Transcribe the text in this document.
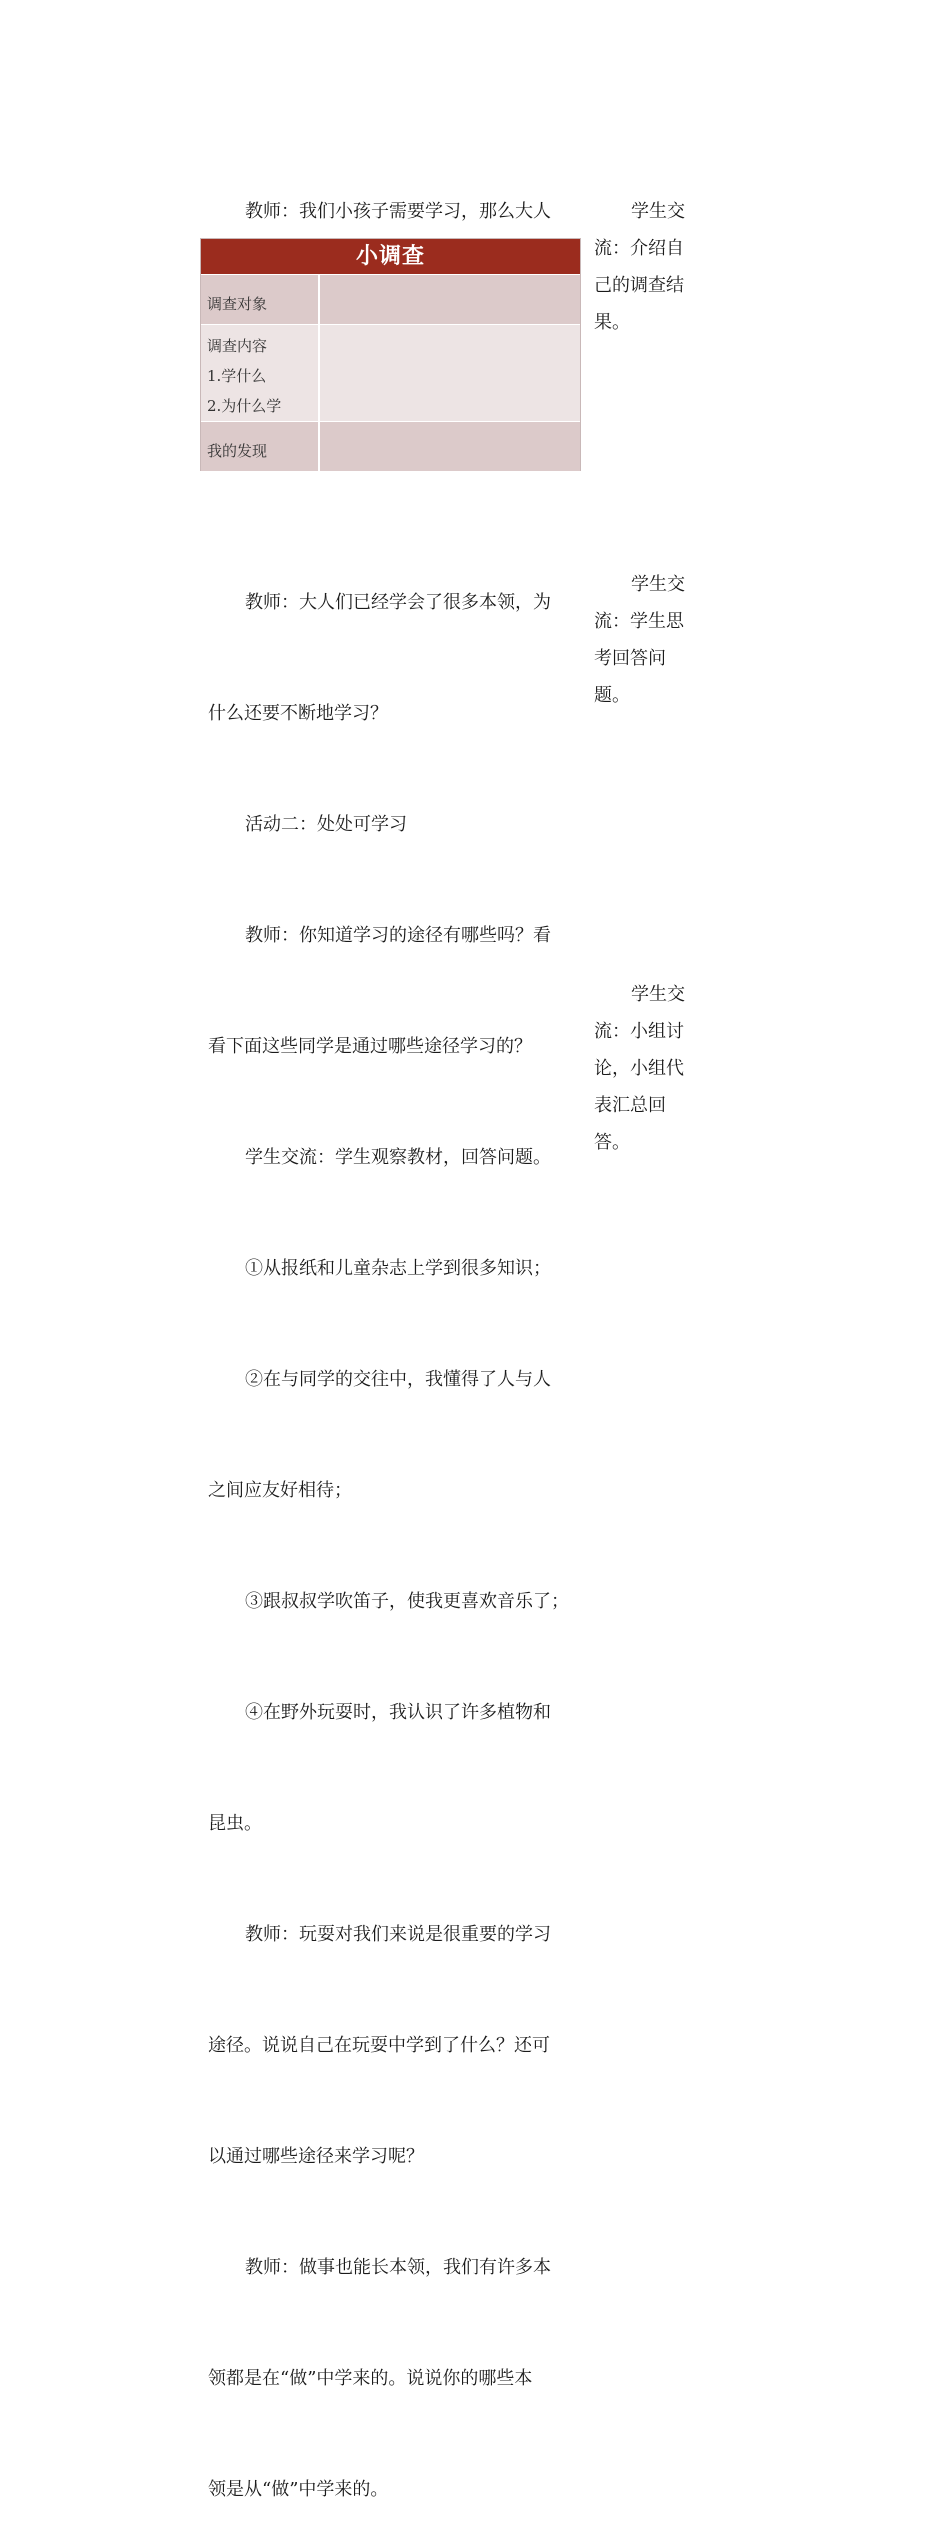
教师：我们小孩子需要学习，那么大人

小调查
调查对象
调查内容
1.学什么
2.为什么学
我的发现
学生交
流：介绍自
己的调查结
果。

教师：大人们已经学会了很多本领，为

什么还要不断地学习？

活动二：处处可学习

教师：你知道学习的途径有哪些吗？看

看下面这些同学是通过哪些途径学习的？

学生交流：学生观察教材，回答问题。

①从报纸和儿童杂志上学到很多知识；

②在与同学的交往中，我懂得了人与人

之间应友好相待；

③跟叔叔学吹笛子，使我更喜欢音乐了；

④在野外玩耍时，我认识了许多植物和

昆虫。

教师：玩耍对我们来说是很重要的学习

途径。说说自己在玩耍中学到了什么？还可

以通过哪些途径来学习呢？

教师：做事也能长本领，我们有许多本

领都是在“做”中学来的。说说你的哪些本

领是从“做”中学来的。

学生交
流：学生思
考回答问
题。
学生交
流：小组讨
论，小组代
表汇总回
答。
